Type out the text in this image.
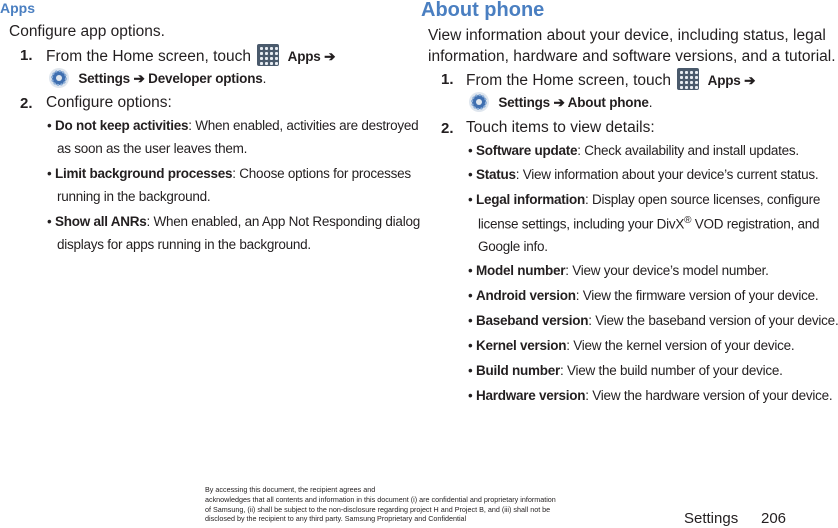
Apps
Configure app options.
1. From the Home screen, touch	Apps ➔
Settings ➔ Developer options.
2. Configure options:
• Do not keep activities: When enabled, activities are destroyed
as soon as the user leaves them.
• Limit background processes: Choose options for processes
running in the background.
• Show all ANRs: When enabled, an App Not Responding dialog
displays for apps running in the background.
About phone
View information about your device, including status, legal
information, hardware and software versions, and a tutorial.
1. From the Home screen, touch	Apps ➔
Settings ➔ About phone.
2. Touch items to view details:
• Software update: Check availability and install updates.
• Status: View information about your device’s current status.
• Legal information: Display open source licenses, configure
license settings, including your DivX® VOD registration, and
Google info.
• Model number: View your device’s model number.
• Android version: View the firmware version of your device.
• Baseband version: View the baseband version of your device.
• Kernel version: View the kernel version of your device.
• Build number: View the build number of your device.
• Hardware version: View the hardware version of your device.
By accessing this document, the recipient agrees and
acknowledges that all contents and information in this document (i) are confidential and proprietary information
of Samsung, (ii) shall be subject to the non-disclosure regarding project H and Project B, and (iii) shall not be
disclosed by the recipient to any third party. Samsung Proprietary and Confidential	Settings 206
